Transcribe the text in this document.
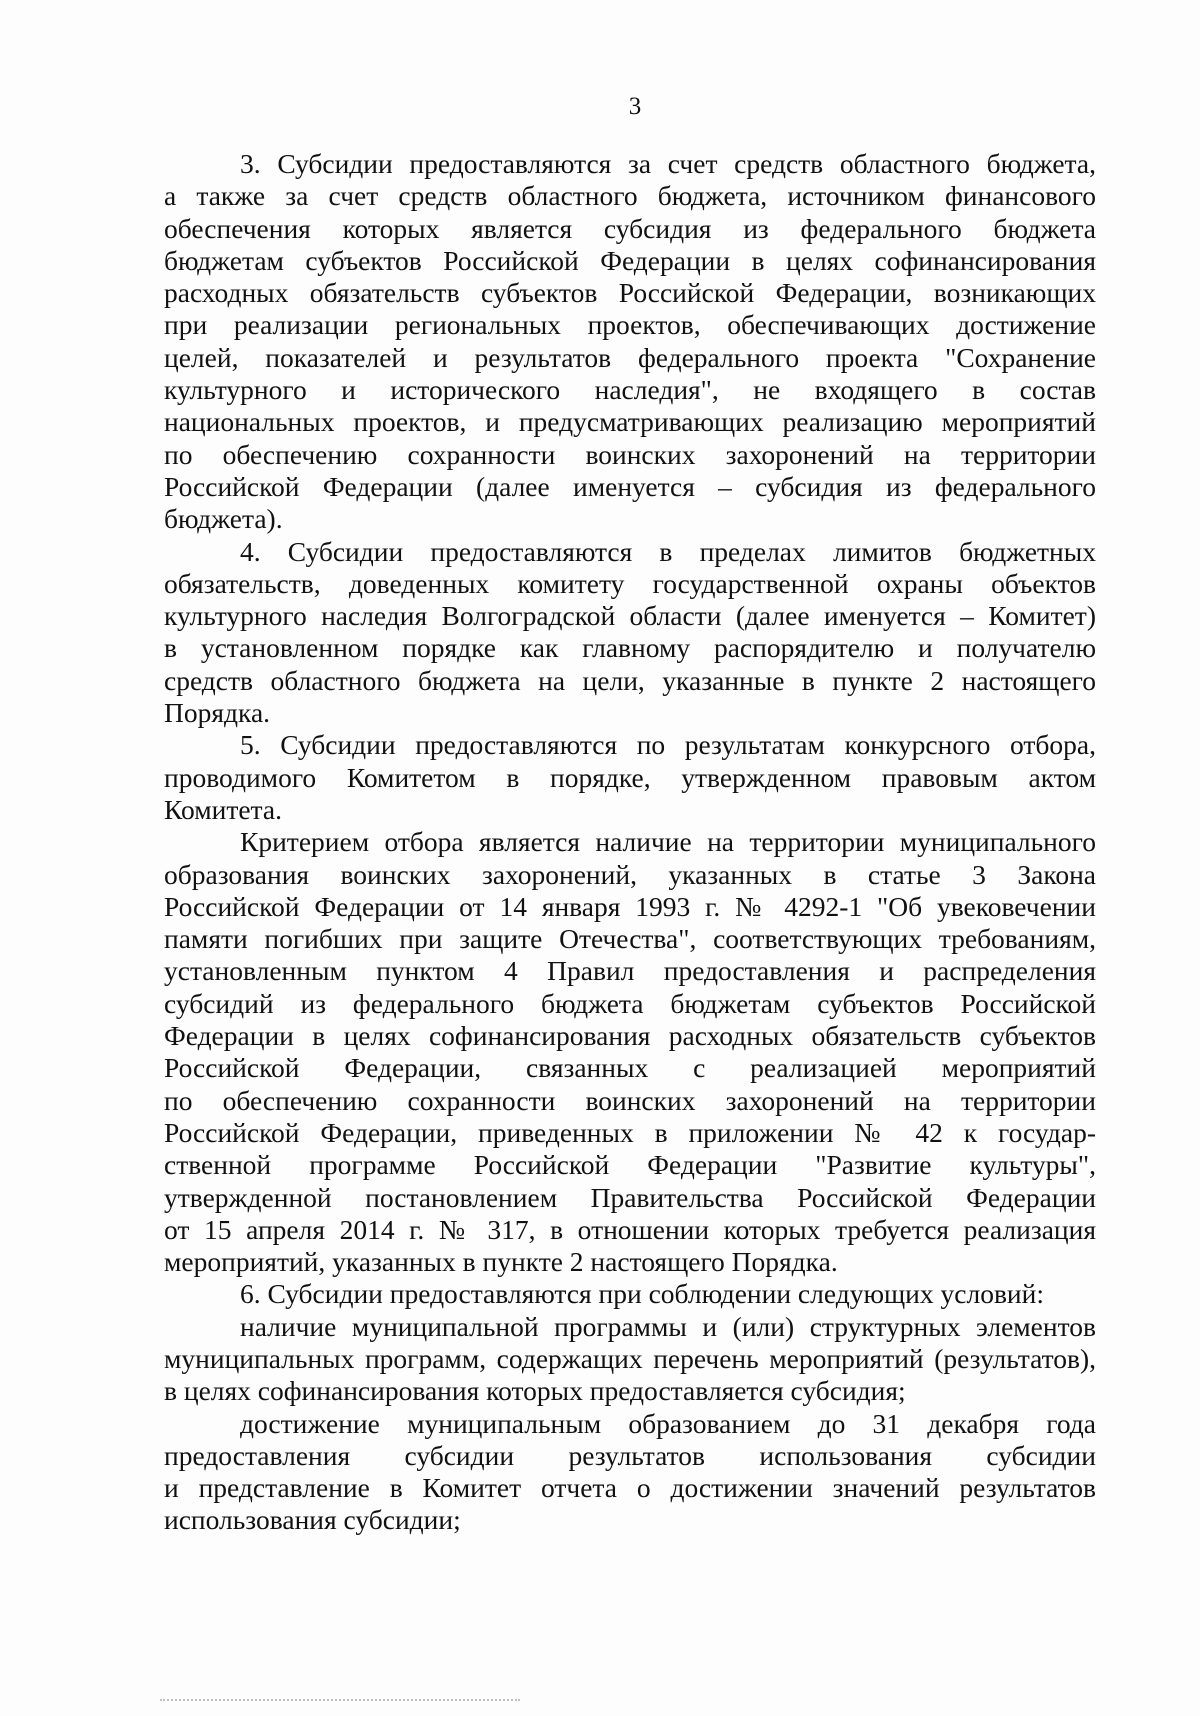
3
3. Субсидии предоставляются за счет средств областного бюджета,
а также за счет средств областного бюджета, источником финансового
обеспечения которых является субсидия из федерального бюджета
бюджетам субъектов Российской Федерации в целях софинансирования
расходных обязательств субъектов Российской Федерации, возникающих
при реализации региональных проектов, обеспечивающих достижение
целей, показателей и результатов федерального проекта "Сохранение
культурного и исторического наследия", не входящего в состав
национальных проектов, и предусматривающих реализацию мероприятий
по обеспечению сохранности воинских захоронений на территории
Российской Федерации (далее именуется – субсидия из федерального
бюджета).
4. Субсидии предоставляются в пределах лимитов бюджетных
обязательств, доведенных комитету государственной охраны объектов
культурного наследия Волгоградской области (далее именуется – Комитет)
в установленном порядке как главному распорядителю и получателю
средств областного бюджета на цели, указанные в пункте 2 настоящего
Порядка.
5. Субсидии предоставляются по результатам конкурсного отбора,
проводимого Комитетом в порядке, утвержденном правовым актом
Комитета.
Критерием отбора является наличие на территории муниципального
образования воинских захоронений, указанных в статье 3 Закона
Российской Федерации от 14 января 1993 г. № 4292-1 "Об увековечении
памяти погибших при защите Отечества", соответствующих требованиям,
установленным пунктом 4 Правил предоставления и распределения
субсидий из федерального бюджета бюджетам субъектов Российской
Федерации в целях софинансирования расходных обязательств субъектов
Российской Федерации, связанных с реализацией мероприятий
по обеспечению сохранности воинских захоронений на территории
Российской Федерации, приведенных в приложении № 42 к государ-
ственной программе Российской Федерации "Развитие культуры",
утвержденной постановлением Правительства Российской Федерации
от 15 апреля 2014 г. № 317, в отношении которых требуется реализация
мероприятий, указанных в пункте 2 настоящего Порядка.
6. Субсидии предоставляются при соблюдении следующих условий:
наличие муниципальной программы и (или) структурных элементов
муниципальных программ, содержащих перечень мероприятий (результатов),
в целях софинансирования которых предоставляется субсидия;
достижение муниципальным образованием до 31 декабря года
предоставления субсидии результатов использования субсидии
и представление в Комитет отчета о достижении значений результатов
использования субсидии;
